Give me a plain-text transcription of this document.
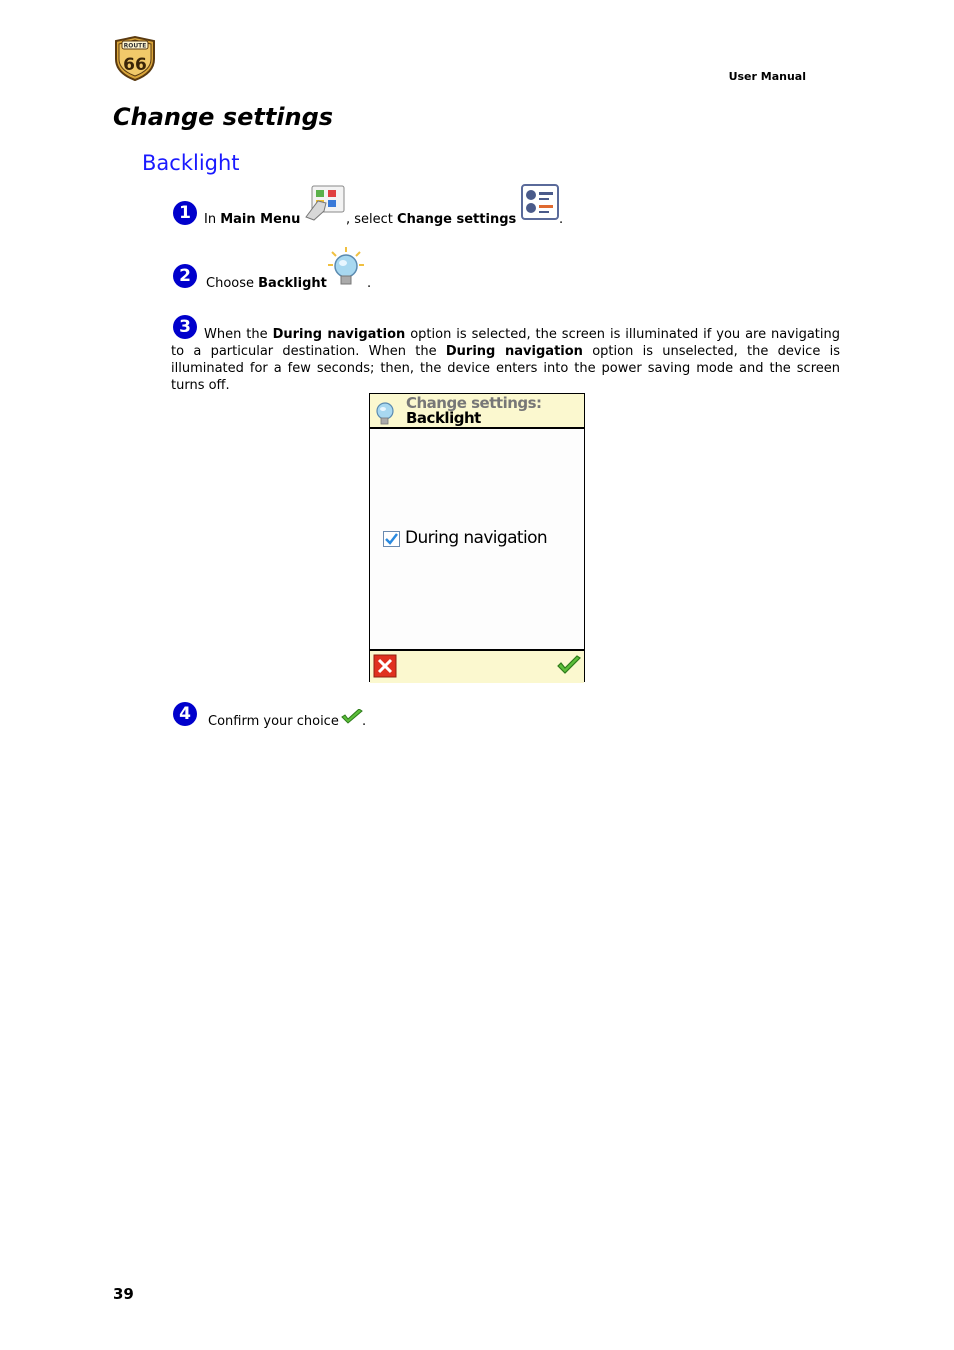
ROUTE
66
User Manual
Change settings
Backlight
1	In Main Menu	, select Change settings	.
2	Choose Backlight	.
3	When the During navigation option is selected, the screen is illuminated if you are navigating to a particular destination. When the During navigation option is unselected, the device is illuminated for a few seconds; then, the device enters into the power saving mode and the screen turns off.
Change settings:
Backlight
During navigation
4	Confirm your choice .
39
